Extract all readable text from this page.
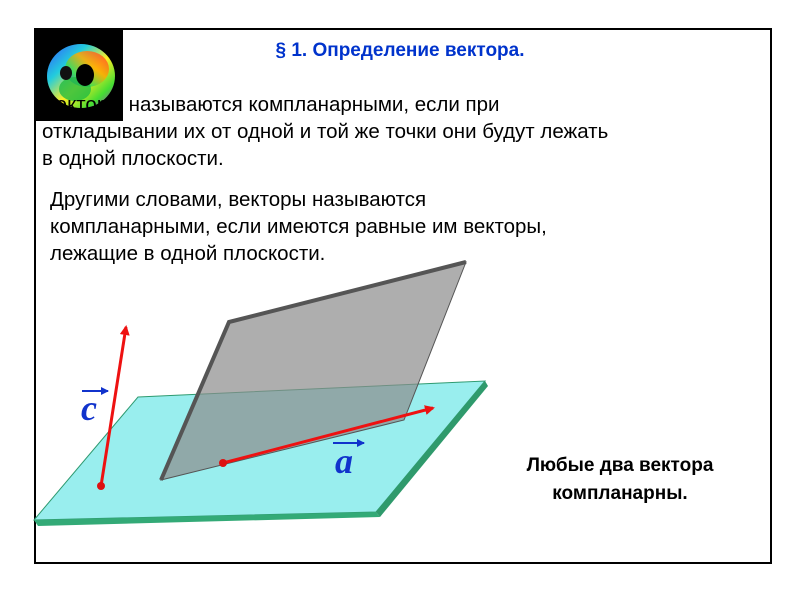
§ 1. Определение вектора.

Векторы называются компланарными, если при
откладывании их от одной и той же точки они будут лежать
в одной плоскости.

Другими словами, векторы называются
компланарными, если имеются равные им векторы,
лежащие в одной плоскости.

c
a	Любые два вектора
компланарны.
